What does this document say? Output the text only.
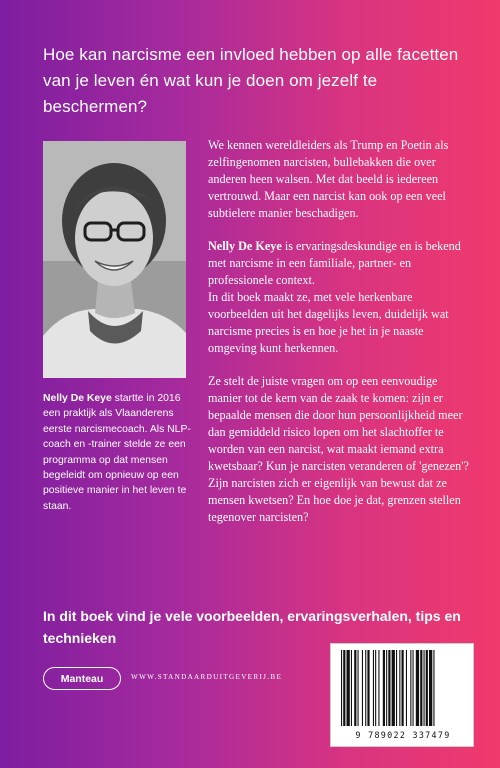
Hoe kan narcisme een invloed hebben op alle facetten van je leven én wat kun je doen om jezelf te beschermen?
Nelly De Keye startte in 2016 een praktijk als Vlaanderens eerste narcismecoach. Als NLP-coach en -trainer stelde ze een programma op dat mensen begeleidt om opnieuw op een positieve manier in het leven te staan.

We kennen wereldleiders als Trump en Poetin als zelfingenomen narcisten, bullebakken die over anderen heen walsen. Met dat beeld is iedereen vertrouwd. Maar een narcist kan ook op een veel subtielere manier beschadigen.

Nelly De Keye is ervaringsdeskundige en is bekend met narcisme in een familiale, partner- en professionele context.
In dit boek maakt ze, met vele herkenbare voorbeelden uit het dagelijks leven, duidelijk wat narcisme precies is en hoe je het in je naaste omgeving kunt herkennen.

Ze stelt de juiste vragen om op een eenvoudige manier tot de kern van de zaak te komen: zijn er bepaalde mensen die door hun persoonlijkheid meer dan gemiddeld risico lopen om het slachtoffer te worden van een narcist, wat maakt iemand extra kwetsbaar? Kun je narcisten veranderen of 'genezen'? Zijn narcisten zich er eigenlijk van bewust dat ze mensen kwetsen? En hoe doe je dat, grenzen stellen tegenover narcisten?

In dit boek vind je vele voorbeelden, ervaringsverhalen, tips en technieken
Manteau	WWW.STANDAARDUITGEVERIJ.BE
9 789022 337479
